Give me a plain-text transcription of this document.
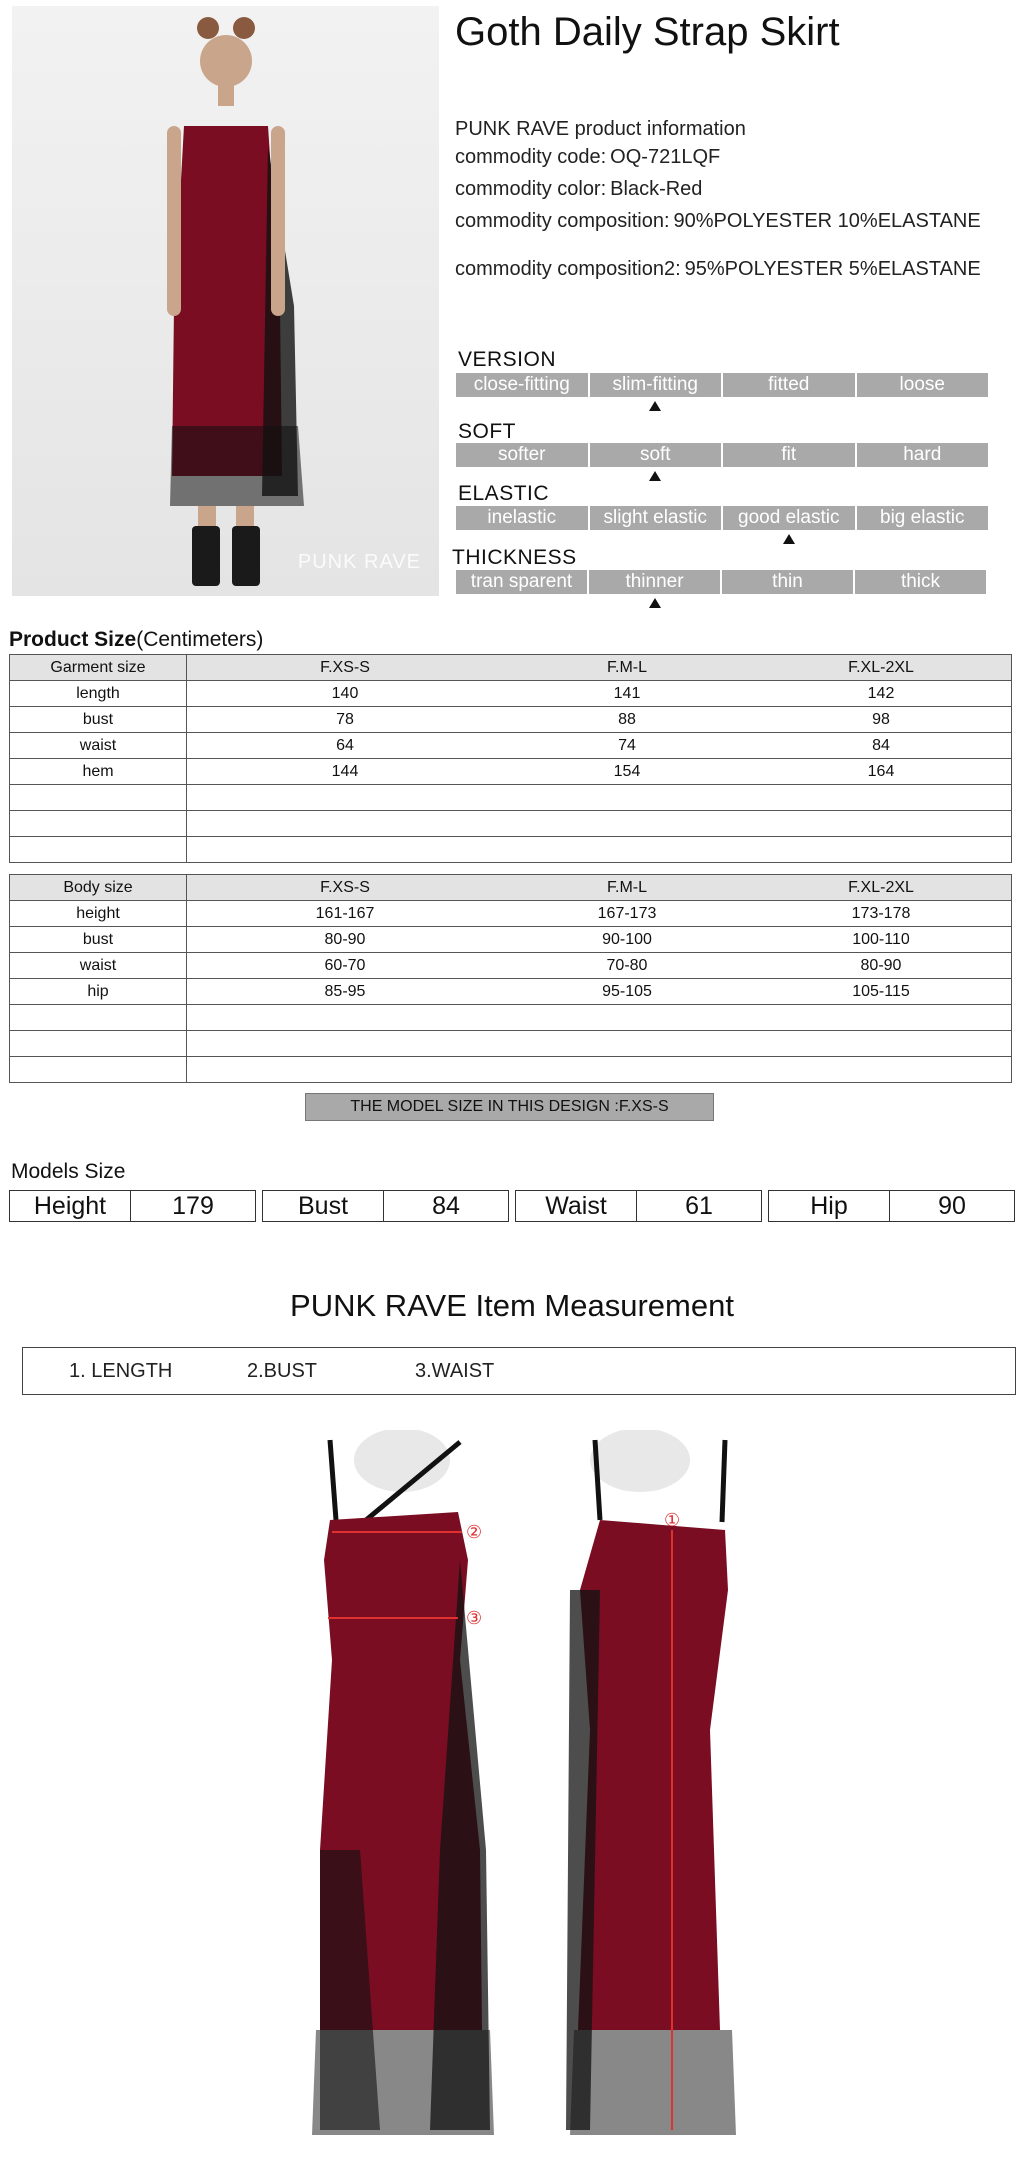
PUNK RAVE
Goth Daily Strap Skirt
PUNK RAVE product information
commodity code: OQ-721LQF
commodity color: Black-Red
commodity composition: 90%POLYESTER 10%ELASTANE
commodity composition2: 95%POLYESTER 5%ELASTANE
VERSION
close-fitting	slim-fitting	fitted	loose
SOFT
softer	soft	fit	hard
ELASTIC
inelastic	slight elastic	good elastic	big elastic
THICKNESS
tran sparent	thinner	thin	thick
Product Size(Centimeters)
Garment size	F.XS-S F.M-L F.XL-2XL

length	140 141 142

bust	78 88 98

waist	64 74 84

hem	144 154 164

Body size	F.XS-S F.M-L F.XL-2XL

height	161-167 167-173 173-178

bust	80-90 90-100 100-110

waist	60-70 70-80 80-90

hip	85-95 95-105 105-115

THE MODEL SIZE IN THIS DESIGN :F.XS-S
Models Size
Height	179	Bust	84	Waist	61	Hip	90
PUNK RAVE Item Measurement
1. LENGTH	2.BUST	3.WAIST
②
③
①
